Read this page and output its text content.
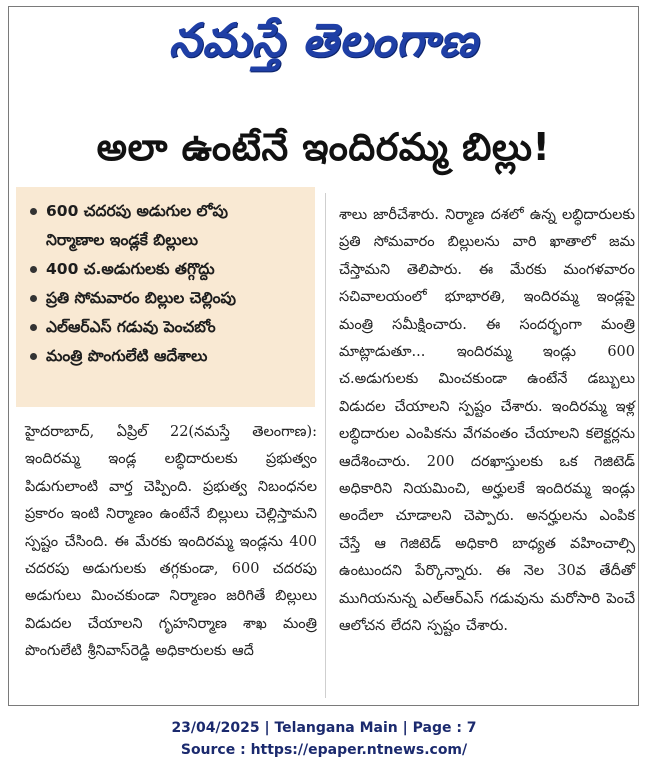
నమస్తే తెలంగాణ
అలా ఉంటేనే ఇందిరమ్మ బిల్లు!
600 చదరపు అడుగుల లోపు
నిర్మాణాల ఇండ్లకే బిల్లులు
400 చ.అడుగులకు తగ్గొద్దు
ప్రతి సోమవారం బిల్లుల చెల్లింపు
ఎల్‌ఆర్‌ఎస్ గడువు పెంచబోం
మంత్రి పొంగులేటి ఆదేశాలు

హైదరాబాద్, ఏప్రిల్ 22(నమస్తే తెలంగాణ): ఇందిరమ్మ ఇండ్ల లబ్ధిదారులకు ప్రభుత్వం పిడుగులాంటి వార్త చెప్పింది. ప్రభుత్వ నిబంధనల ప్రకారం ఇంటి నిర్మాణం ఉంటేనే బిల్లులు చెల్లిస్తామని స్పష్టం చేసింది. ఈ మేరకు ఇందిరమ్మ ఇండ్లను 400 చదరపు అడుగులకు తగ్గకుండా, 600 చదరపు అడుగులు మించకుండా నిర్మాణం జరిగితే బిల్లులు విడుదల చేయాలని గృహనిర్మాణ శాఖ మంత్రి పొంగులేటి శ్రీనివాస్‌రెడ్డి అధికారులకు ఆదే

శాలు జారీచేశారు. నిర్మాణ దశలో ఉన్న లబ్ధిదారులకు ప్రతి సోమవారం బిల్లులను వారి ఖాతాలో జమ చేస్తామని తెలిపారు. ఈ మేరకు మంగళవారం సచివాలయంలో భూభారతి, ఇందిరమ్మ ఇండ్లపై మంత్రి సమీక్షించారు. ఈ సందర్భంగా మంత్రి మాట్లాడుతూ... ఇందిరమ్మ ఇండ్లు 600 చ.అడుగులకు మించకుండా ఉంటేనే డబ్బులు విడుదల చేయాలని స్పష్టం చేశారు. ఇందిరమ్మ ఇళ్ల లబ్ధిదారుల ఎంపికను వేగవంతం చేయాలని కలెక్టర్లను ఆదేశించారు. 200 దరఖాస్తులకు ఒక గెజిటెడ్ అధికారిని నియమించి, అర్హులకే ఇందిరమ్మ ఇండ్లు అందేలా చూడాలని చెప్పారు. అనర్హులను ఎంపిక చేస్తే ఆ గెజిటెడ్ అధికారి బాధ్యత వహించాల్సి ఉంటుందని పేర్కొన్నారు. ఈ నెల 30వ తేదీతో ముగియనున్న ఎల్‌ఆర్‌ఎస్ గడువును మరోసారి పెంచే ఆలోచన లేదని స్పష్టం చేశారు.

23/04/2025 | Telangana Main | Page : 7
Source : https://epaper.ntnews.com/
